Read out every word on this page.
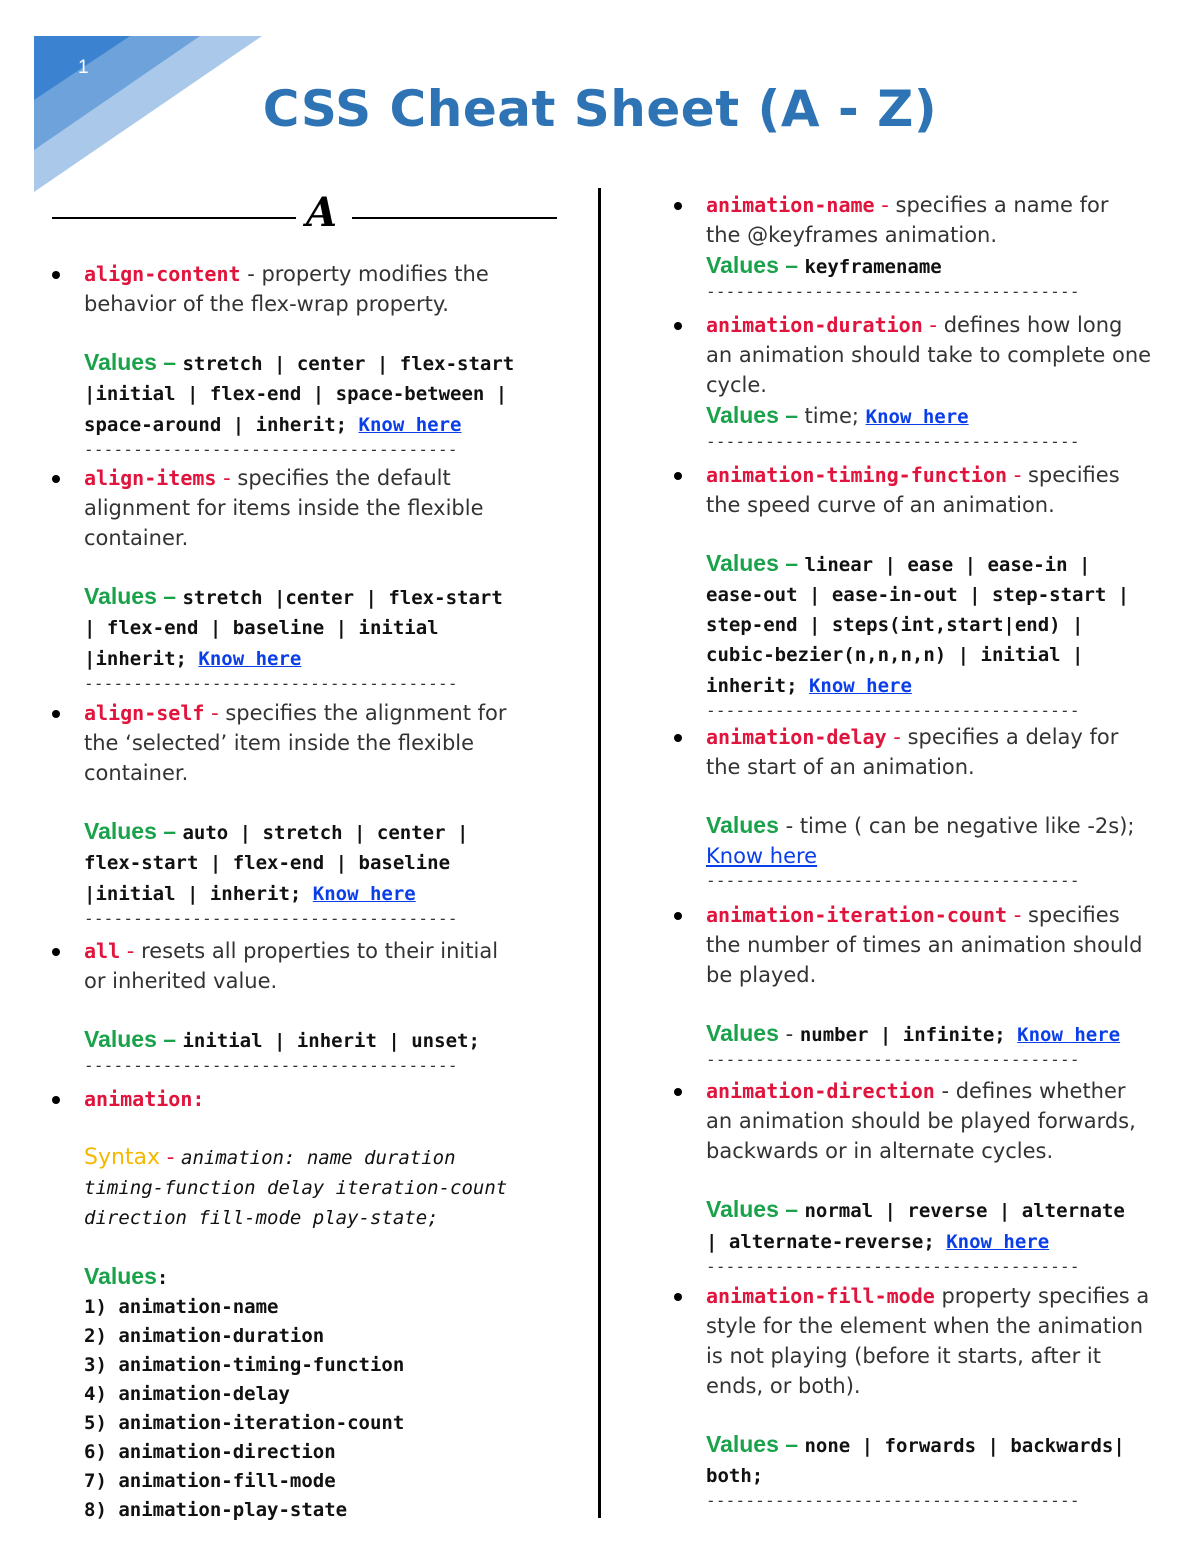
1
CSS Cheat Sheet (A - Z)
A
align-content - property modifies the
behavior of the flex-wrap property.
Values – stretch | center | flex-start
|initial | flex-end | space-between |
space-around | inherit; Know here
--------------------------------------
align-items - specifies the default
alignment for items inside the flexible
container.
Values – stretch |center | flex-start
| flex-end | baseline | initial
|inherit; Know here
--------------------------------------
align-self - specifies the alignment for
the ‘selected’ item inside the flexible
container.
Values – auto | stretch | center |
flex-start | flex-end | baseline
|initial | inherit; Know here
--------------------------------------
all - resets all properties to their initial
or inherited value.
Values – initial | inherit | unset;
--------------------------------------
animation:
Syntax - animation: name duration
timing-function delay iteration-count
direction fill-mode play-state;
Values:
1) animation-name
2) animation-duration
3) animation-timing-function
4) animation-delay
5) animation-iteration-count
6) animation-direction
7) animation-fill-mode
8) animation-play-state
animation-name - specifies a name for
the @keyframes animation.
Values – keyframename
--------------------------------------
animation-duration - defines how long
an animation should take to complete one
cycle.
Values – time; Know here
--------------------------------------
animation-timing-function - specifies
the speed curve of an animation.
Values – linear | ease | ease-in |
ease-out | ease-in-out | step-start |
step-end | steps(int,start|end) |
cubic-bezier(n,n,n,n) | initial |
inherit; Know here
--------------------------------------
animation-delay - specifies a delay for
the start of an animation.
Values - time ( can be negative like -2s);
Know here
--------------------------------------
animation-iteration-count - specifies
the number of times an animation should
be played.
Values - number | infinite; Know here
--------------------------------------
animation-direction - defines whether
an animation should be played forwards,
backwards or in alternate cycles.
Values – normal | reverse | alternate
| alternate-reverse; Know here
--------------------------------------
animation-fill-mode property specifies a
style for the element when the animation
is not playing (before it starts, after it
ends, or both).
Values – none | forwards | backwards|
both;
--------------------------------------
